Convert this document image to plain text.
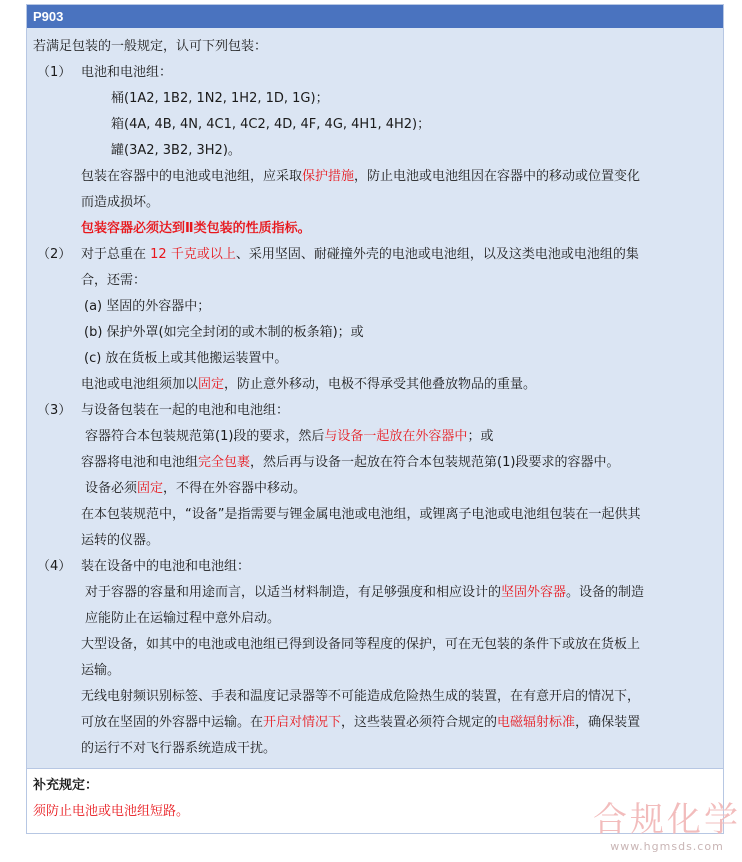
P903
若满足包装的一般规定，认可下列包装：
（1） 电池和电池组：
桶(1A2, 1B2, 1N2, 1H2, 1D, 1G)；
箱(4A, 4B, 4N, 4C1, 4C2, 4D, 4F, 4G, 4H1, 4H2)；
罐(3A2, 3B2, 3H2)。
包装在容器中的电池或电池组，应采取保护措施，防止电池或电池组因在容器中的移动或位置变化
而造成损坏。
包装容器必须达到Ⅱ类包装的性质指标。
（2） 对于总重在 12 千克或以上、采用坚固、耐碰撞外壳的电池或电池组，以及这类电池或电池组的集
合，还需：
(a) 坚固的外容器中；
(b) 保护外罩(如完全封闭的或木制的板条箱)；或
(c) 放在货板上或其他搬运装置中。
电池或电池组须加以固定，防止意外移动，电极不得承受其他叠放物品的重量。
（3） 与设备包装在一起的电池和电池组：
容器符合本包装规范第(1)段的要求，然后与设备一起放在外容器中；或
容器将电池和电池组完全包裹，然后再与设备一起放在符合本包装规范第(1)段要求的容器中。
设备必须固定，不得在外容器中移动。
在本包装规范中，“设备”是指需要与锂金属电池或电池组，或锂离子电池或电池组包装在一起供其
运转的仪器。
（4） 装在设备中的电池和电池组：
对于容器的容量和用途而言，以适当材料制造，有足够强度和相应设计的坚固外容器。设备的制造
应能防止在运输过程中意外启动。
大型设备，如其中的电池或电池组已得到设备同等程度的保护，可在无包装的条件下或放在货板上
运输。
无线电射频识别标签、手表和温度记录器等不可能造成危险热生成的装置，在有意开启的情况下，
可放在坚固的外容器中运输。在开启对情况下，这些装置必须符合规定的电磁辐射标准，确保装置
的运行不对飞行器系统造成干扰。
补充规定：
须防止电池或电池组短路。	合规化学
www.hgmsds.com
